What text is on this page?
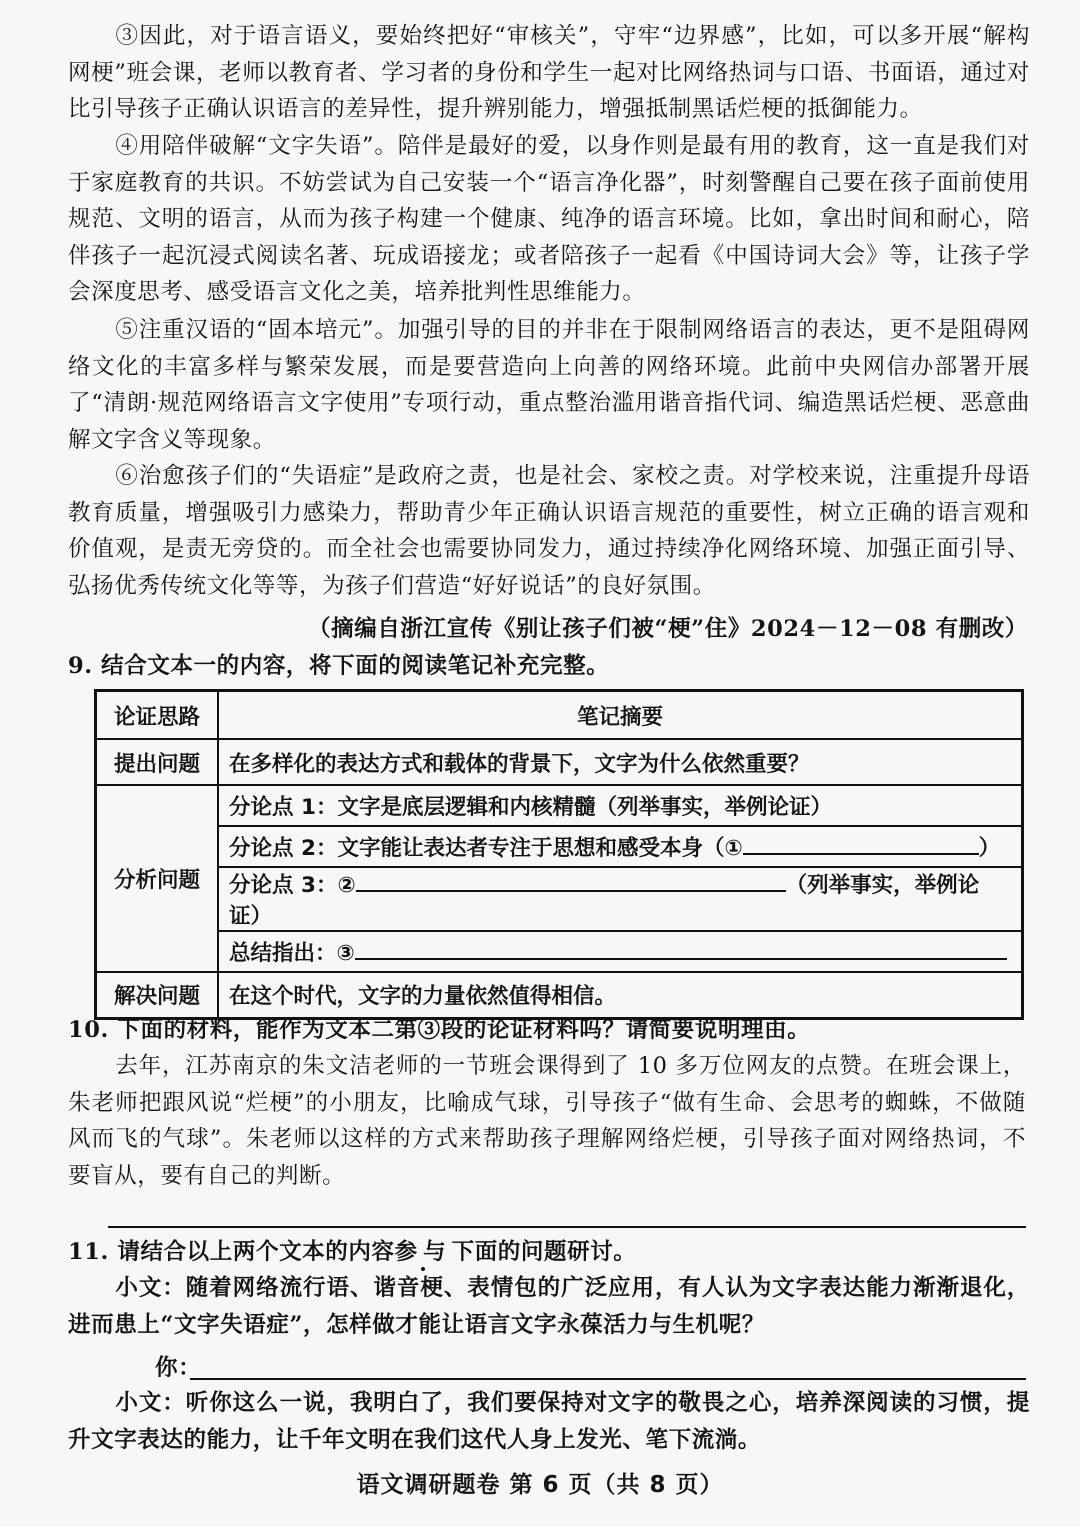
③因此，对于语言语义，要始终把好“审核关”，守牢“边界感”，比如，可以多开展“解构网梗”班会课，老师以教育者、学习者的身份和学生一起对比网络热词与口语、书面语，通过对比引导孩子正确认识语言的差异性，提升辨别能力，增强抵制黑话烂梗的抵御能力。
④用陪伴破解“文字失语”。陪伴是最好的爱，以身作则是最有用的教育，这一直是我们对于家庭教育的共识。不妨尝试为自己安装一个“语言净化器”，时刻警醒自己要在孩子面前使用规范、文明的语言，从而为孩子构建一个健康、纯净的语言环境。比如，拿出时间和耐心，陪伴孩子一起沉浸式阅读名著、玩成语接龙；或者陪孩子一起看《中国诗词大会》等，让孩子学会深度思考、感受语言文化之美，培养批判性思维能力。
⑤注重汉语的“固本培元”。加强引导的目的并非在于限制网络语言的表达，更不是阻碍网络文化的丰富多样与繁荣发展，而是要营造向上向善的网络环境。此前中央网信办部署开展了“清朗·规范网络语言文字使用”专项行动，重点整治滥用谐音指代词、编造黑话烂梗、恶意曲解文字含义等现象。
⑥治愈孩子们的“失语症”是政府之责，也是社会、家校之责。对学校来说，注重提升母语教育质量，增强吸引力感染力，帮助青少年正确认识语言规范的重要性，树立正确的语言观和价值观，是责无旁贷的。而全社会也需要协同发力，通过持续净化网络环境、加强正面引导、弘扬优秀传统文化等等，为孩子们营造“好好说话”的良好氛围。
（摘编自浙江宣传《别让孩子们被“梗”住》2024－12－08 有删改）
9. 结合文本一的内容，将下面的阅读笔记补充完整。
论证思路	笔记摘要
提出问题	在多样化的表达方式和载体的背景下，文字为什么依然重要？
分析问题	分论点 1：文字是底层逻辑和内核精髓（列举事实，举例论证）
	分论点 2：文字能让表达者专注于思想和感受本身（① ）
	分论点 3：② （列举事实，举例论证）
	总结指出：③
解决问题	在这个时代，文字的力量依然值得相信。
10. 下面的材料，能作为文本二第③段的论证材料吗？请简要说明理由。
去年，江苏南京的朱文洁老师的一节班会课得到了 10 多万位网友的点赞。在班会课上，朱老师把跟风说“烂梗”的小朋友，比喻成气球，引导孩子“做有生命、会思考的蜘蛛，不做随风而飞的气球”。朱老师以这样的方式来帮助孩子理解网络烂梗，引导孩子面对网络热词，不要盲从，要有自己的判断。
11. 请结合以上两个文本的内容参与下面的问题研讨。
小文：随着网络流行语、谐音梗、表情包的广泛应用，有人认为文字表达能力渐渐退化，进而患上“文字失语症”，怎样做才能让语言文字永葆活力与生机呢？
你：
小文：听你这么一说，我明白了，我们要保持对文字的敬畏之心，培养深阅读的习惯，提升文字表达的能力，让千年文明在我们这代人身上发光、笔下流淌。
语文调研题卷 第 6 页（共 8 页）
